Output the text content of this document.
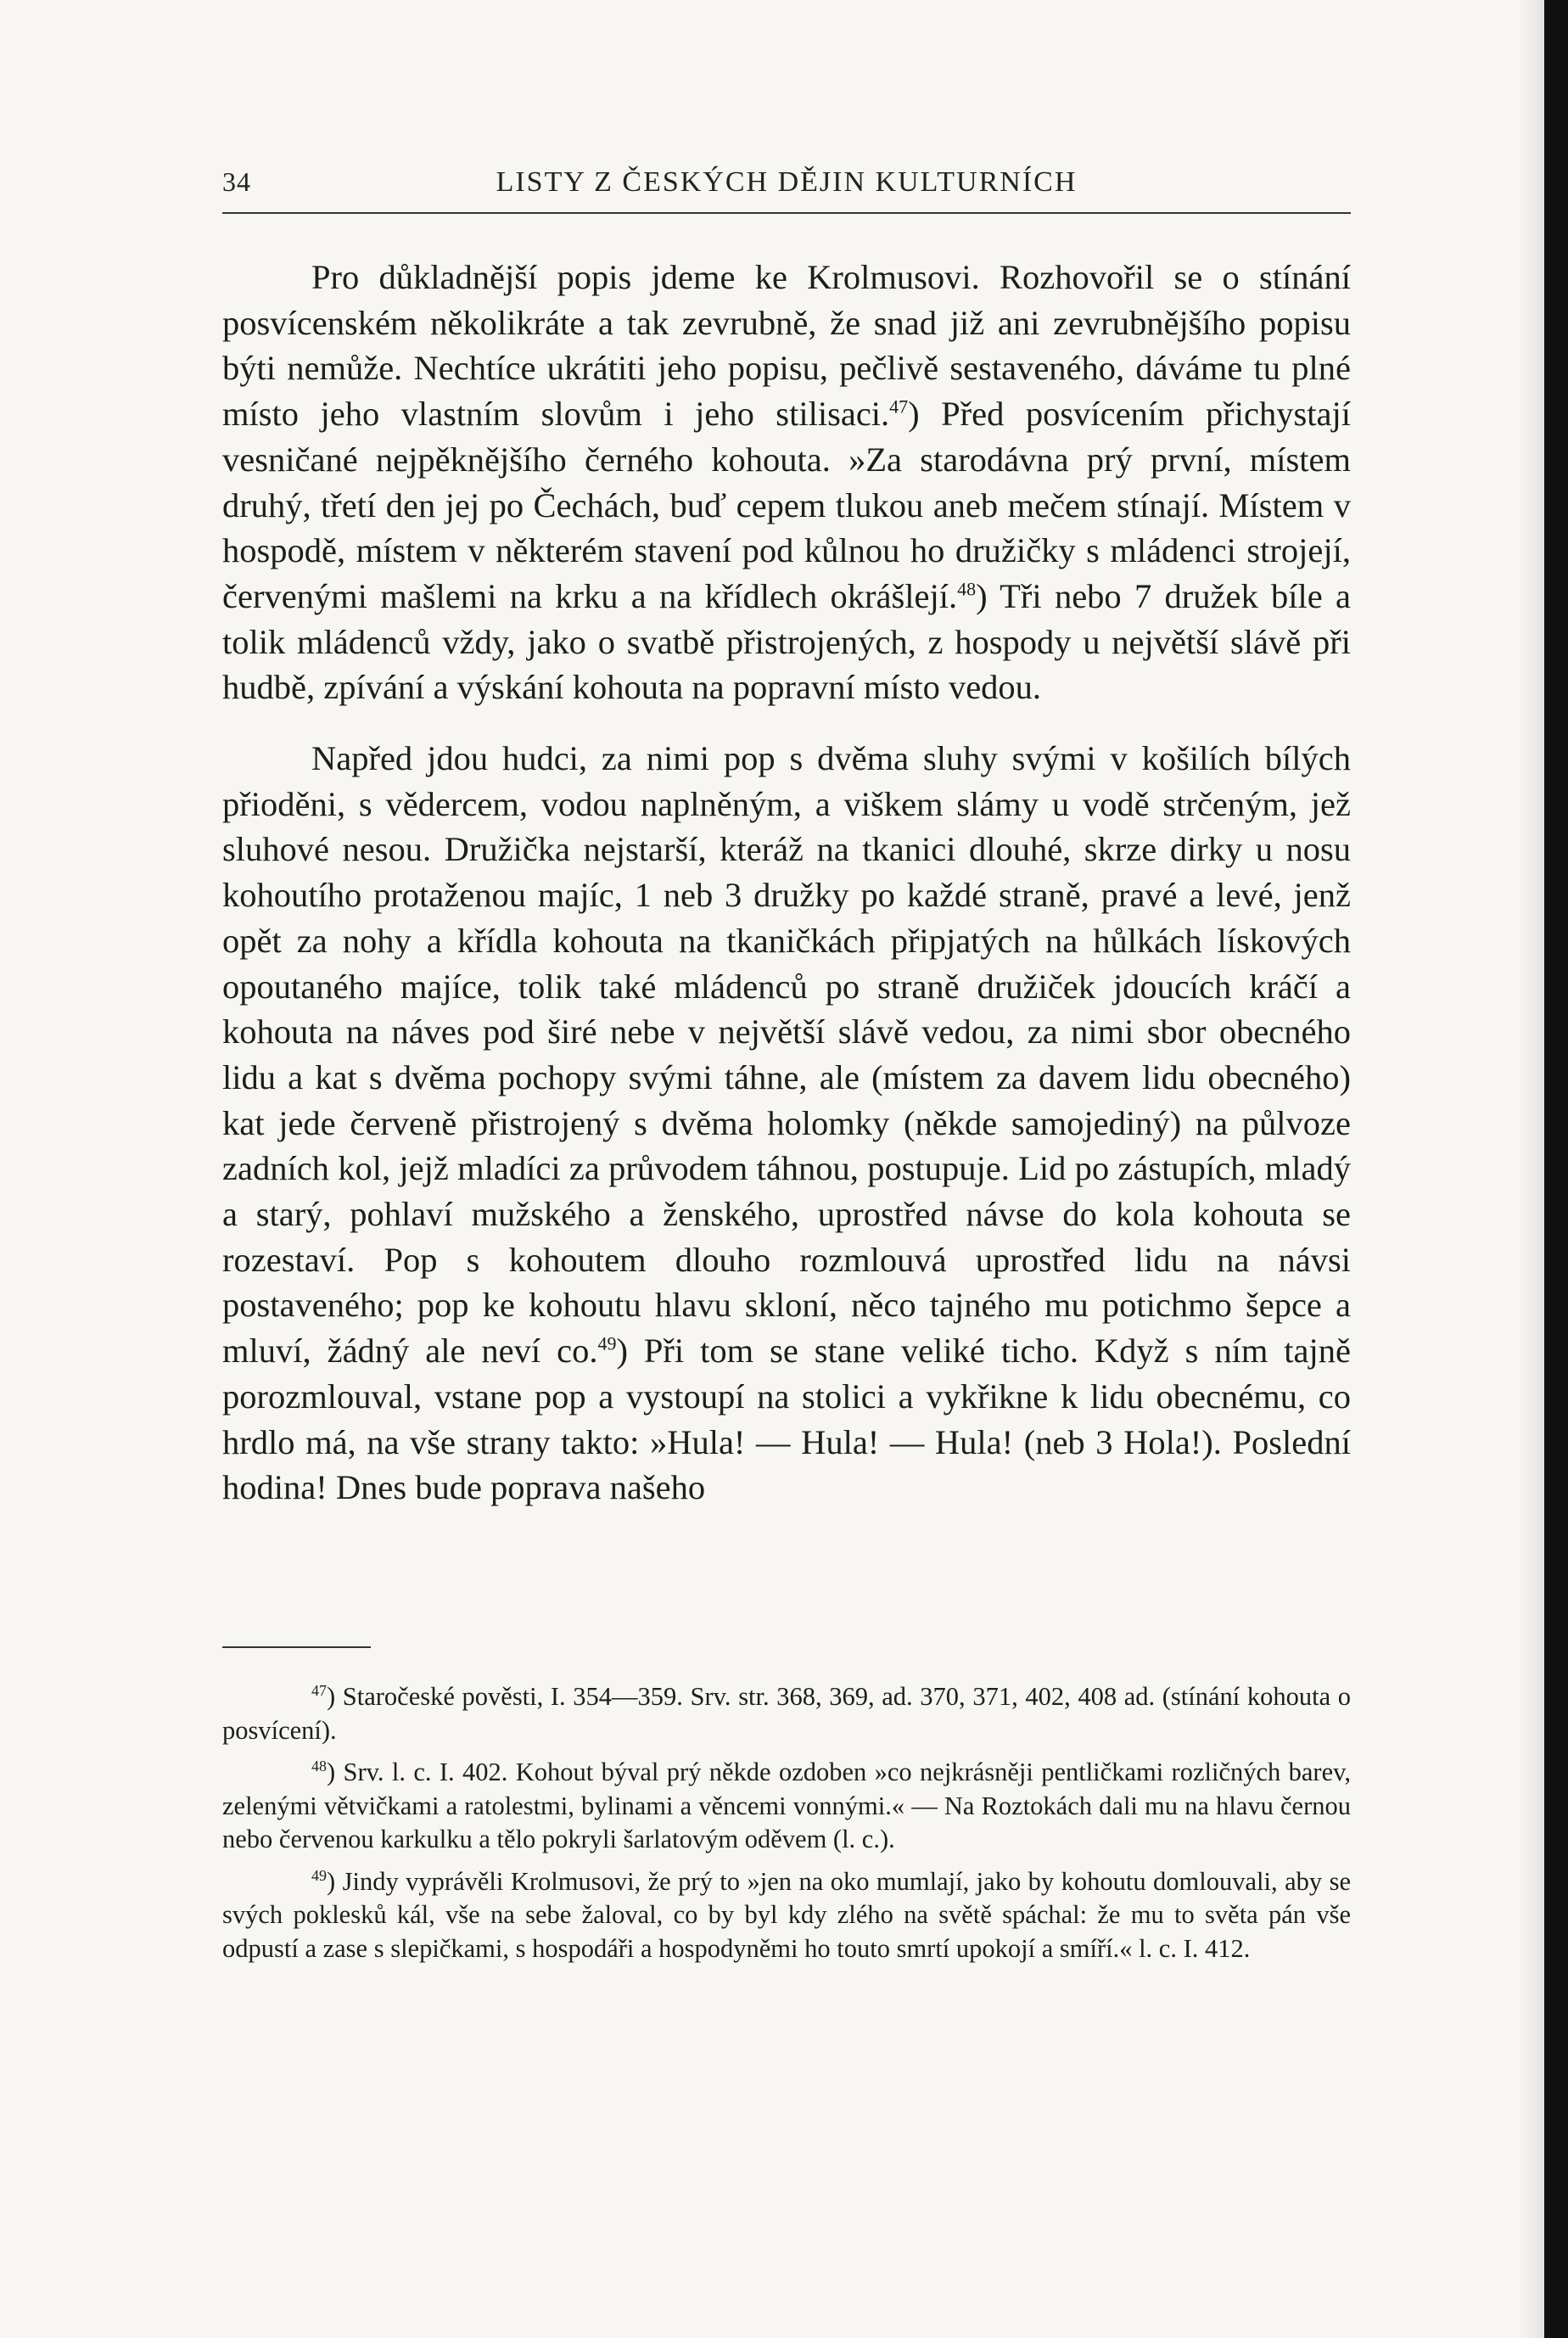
34	LISTY Z ČESKÝCH DĚJIN KULTURNÍCH

Pro důkladnější popis jdeme ke Krolmusovi. Rozhovořil se o stínání posvícenském několikráte a tak zevrubně, že snad již ani zevrubnějšího popisu býti nemůže. Nechtíce ukrátiti jeho popisu, pečlivě sestaveného, dáváme tu plné místo jeho vlastním slovům i jeho stilisaci.$^{47}$) Před posvícením přichystají vesničané nejpěknějšího černého kohouta. »Za starodávna prý první, místem druhý, třetí den jej po Čechách, buď cepem tlukou aneb mečem stínají. Místem v hospodě, místem v některém stavení pod kůlnou ho družičky s mládenci strojejí, červenými mašlemi na krku a na křídlech okrášlejí.$^{48}$) Tři nebo 7 družek bíle a tolik mládenců vždy, jako o svatbě přistrojených, z hospody u největší slávě při hudbě, zpívání a výskání kohouta na popravní místo vedou.

Napřed jdou hudci, za nimi pop s dvěma sluhy svými v košilích bílých přioděni, s vědercem, vodou naplněným, a viškem slámy u vodě strčeným, jež sluhové nesou. Družička nejstarší, kteráž na tkanici dlouhé, skrze dirky u nosu kohoutího protaženou majíc, 1 neb 3 družky po každé straně, pravé a levé, jenž opět za nohy a křídla kohouta na tkaničkách připjatých na hůlkách lískových opoutaného majíce, tolik také mládenců po straně družiček jdoucích kráčí a kohouta na náves pod širé nebe v největší slávě vedou, za nimi sbor obecného lidu a kat s dvěma pochopy svými táhne, ale (místem za davem lidu obecného) kat jede červeně přistrojený s dvěma holomky (někde samojediný) na půlvoze zadních kol, jejž mladíci za průvodem táhnou, postupuje. Lid po zástupích, mladý a starý, pohlaví mužského a ženského, uprostřed návse do kola kohouta se rozestaví. Pop s kohoutem dlouho rozmlouvá uprostřed lidu na návsi postaveného; pop ke kohoutu hlavu skloní, něco tajného mu potichmo šepce a mluví, žádný ale neví co.$^{49}$) Při tom se stane veliké ticho. Když s ním tajně porozmlouval, vstane pop a vystoupí na stolici a vykřikne k lidu obecnému, co hrdlo má, na vše strany takto: »Hula! — Hula! — Hula! (neb 3 Hola!). Poslední hodina! Dnes bude poprava našeho

$^{47}$) Staročeské pověsti, I. 354—359. Srv. str. 368, 369, ad. 370, 371, 402, 408 ad. (stínání kohouta o posvícení).

$^{48}$) Srv. l. c. I. 402. Kohout býval prý někde ozdoben »co nejkrásněji pentličkami rozličných barev, zelenými větvičkami a ratolestmi, bylinami a věncemi vonnými.« — Na Roztokách dali mu na hlavu černou nebo červenou karkulku a tělo pokryli šarlatovým oděvem (l. c.).

$^{49}$) Jindy vyprávěli Krolmusovi, že prý to »jen na oko mumlají, jako by kohoutu domlouvali, aby se svých poklesků kál, vše na sebe žaloval, co by byl kdy zlého na světě spáchal: že mu to světa pán vše odpustí a zase s slepičkami, s hospodáři a hospodyněmi ho touto smrtí upokojí a smíří.« l. c. I. 412.
